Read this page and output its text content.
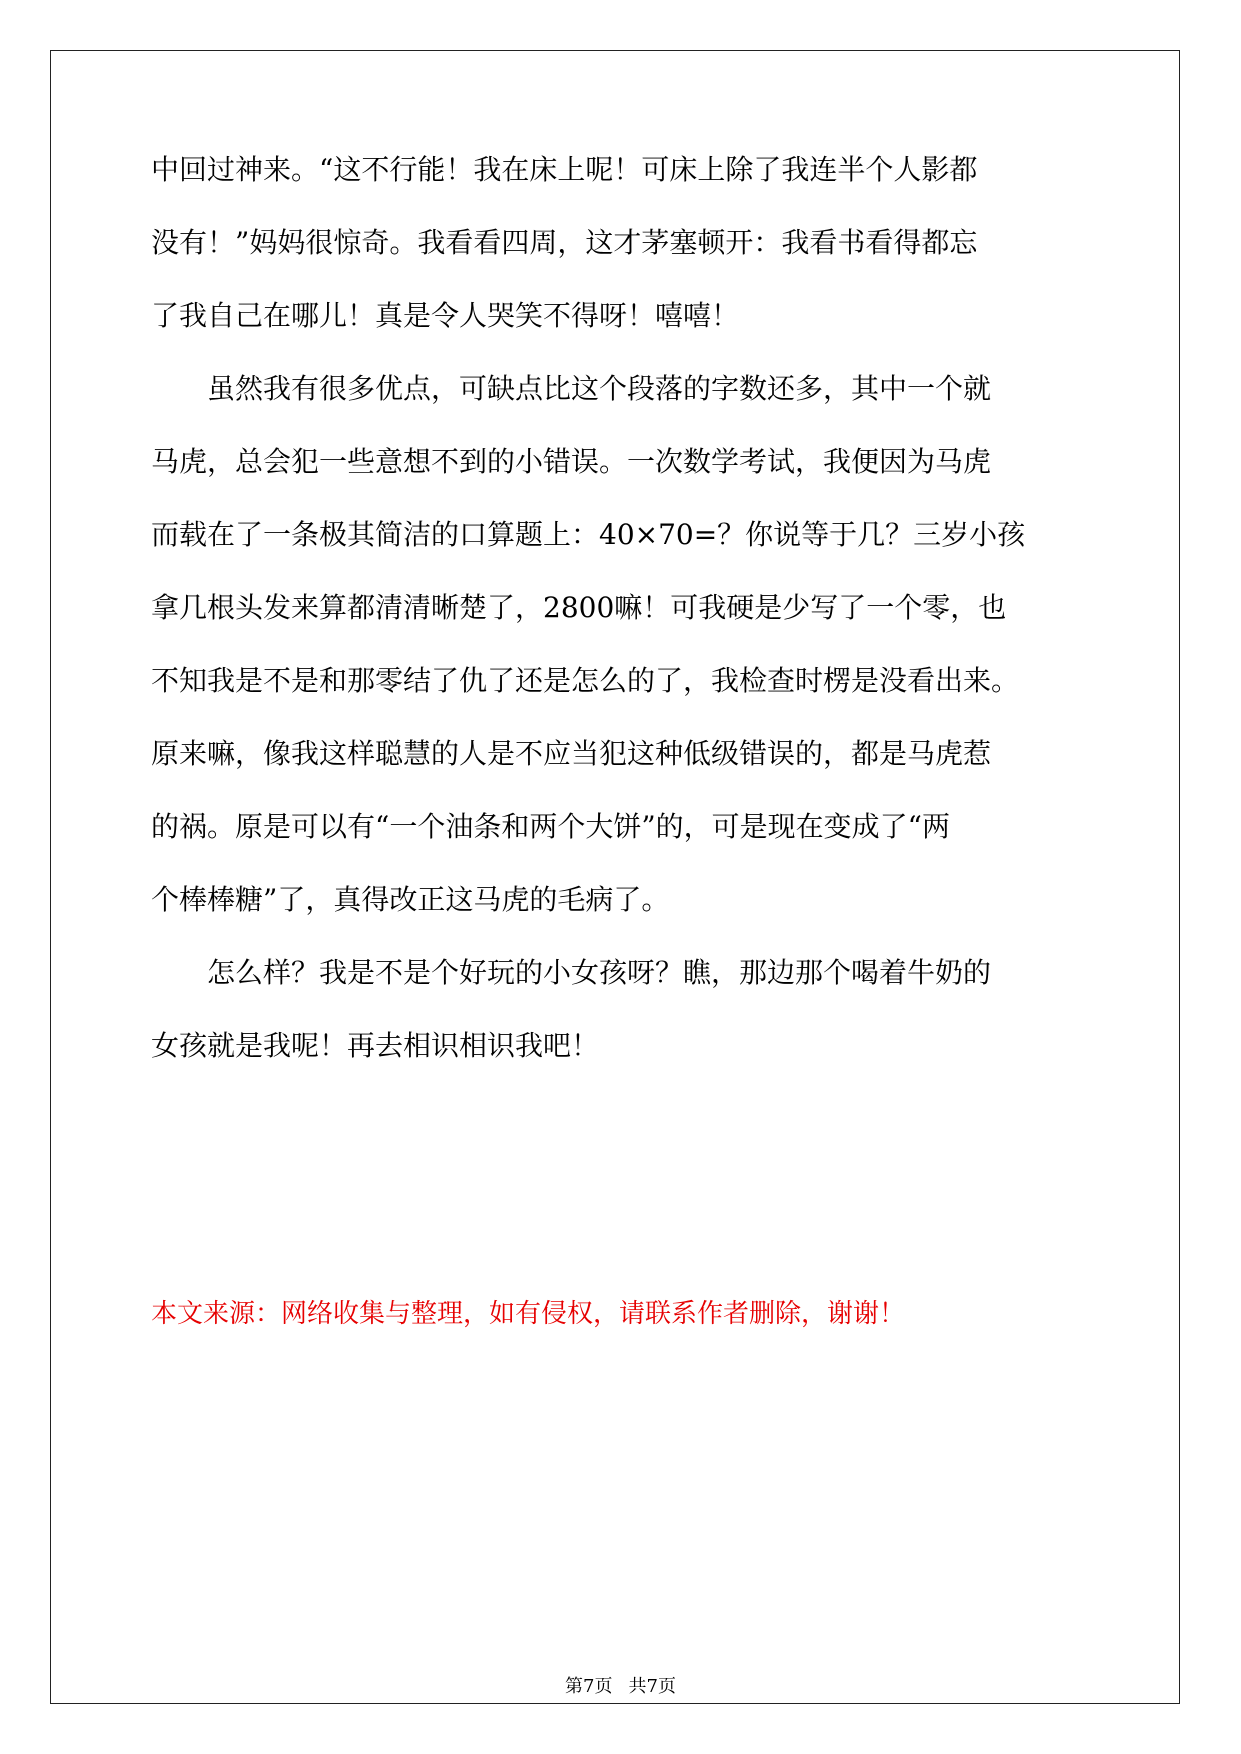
中回过神来。“这不行能！我在床上呢！可床上除了我连半个人影都
没有！”妈妈很惊奇。我看看四周，这才茅塞顿开：我看书看得都忘
了我自己在哪儿！真是令人哭笑不得呀！嘻嘻！
　　虽然我有很多优点，可缺点比这个段落的字数还多，其中一个就
马虎，总会犯一些意想不到的小错误。一次数学考试，我便因为马虎
而载在了一条极其简洁的口算题上：40×70=？你说等于几？三岁小孩
拿几根头发来算都清清晰楚了，2800嘛！可我硬是少写了一个零，也
不知我是不是和那零结了仇了还是怎么的了，我检查时楞是没看出来。
原来嘛，像我这样聪慧的人是不应当犯这种低级错误的，都是马虎惹
的祸。原是可以有“一个油条和两个大饼”的，可是现在变成了“两
个棒棒糖”了，真得改正这马虎的毛病了。
　　怎么样？我是不是个好玩的小女孩呀？瞧，那边那个喝着牛奶的
女孩就是我呢！再去相识相识我吧！
本文来源：网络收集与整理，如有侵权，请联系作者删除，谢谢！
第7页 共7页
